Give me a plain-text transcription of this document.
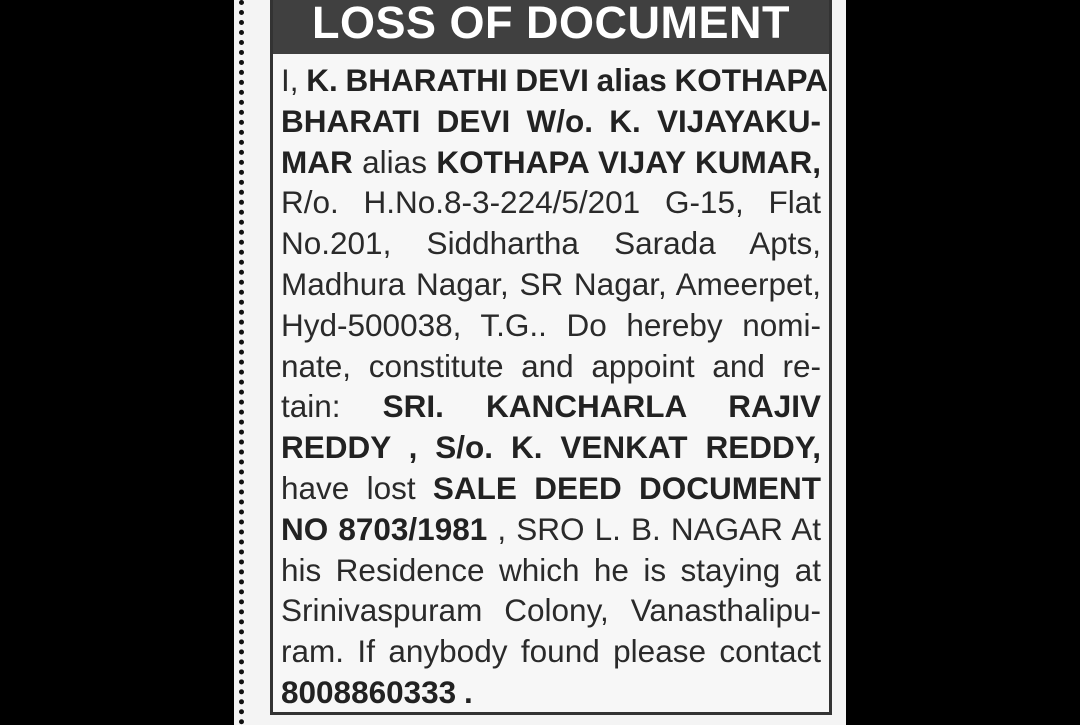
LOSS OF DOCUMENT
I, K. BHARATHI DEVI alias KOTHAPA
BHARATI DEVI W/o. K. VIJAYAKU-
MAR alias KOTHAPA VIJAY KUMAR,
R/o. H.No.8-3-224/5/201 G-15, Flat
No.201, Siddhartha Sarada Apts,
Madhura Nagar, SR Nagar, Ameerpet,
Hyd-500038, T.G.. Do hereby nomi-
nate, constitute and appoint and re-
tain: SRI. KANCHARLA RAJIV
REDDY , S/o. K. VENKAT REDDY,
have lost SALE DEED DOCUMENT
NO 8703/1981 , SRO L. B. NAGAR At
his Residence which he is staying at
Srinivaspuram Colony, Vanasthalipu-
ram. If anybody found please contact
8008860333 .
